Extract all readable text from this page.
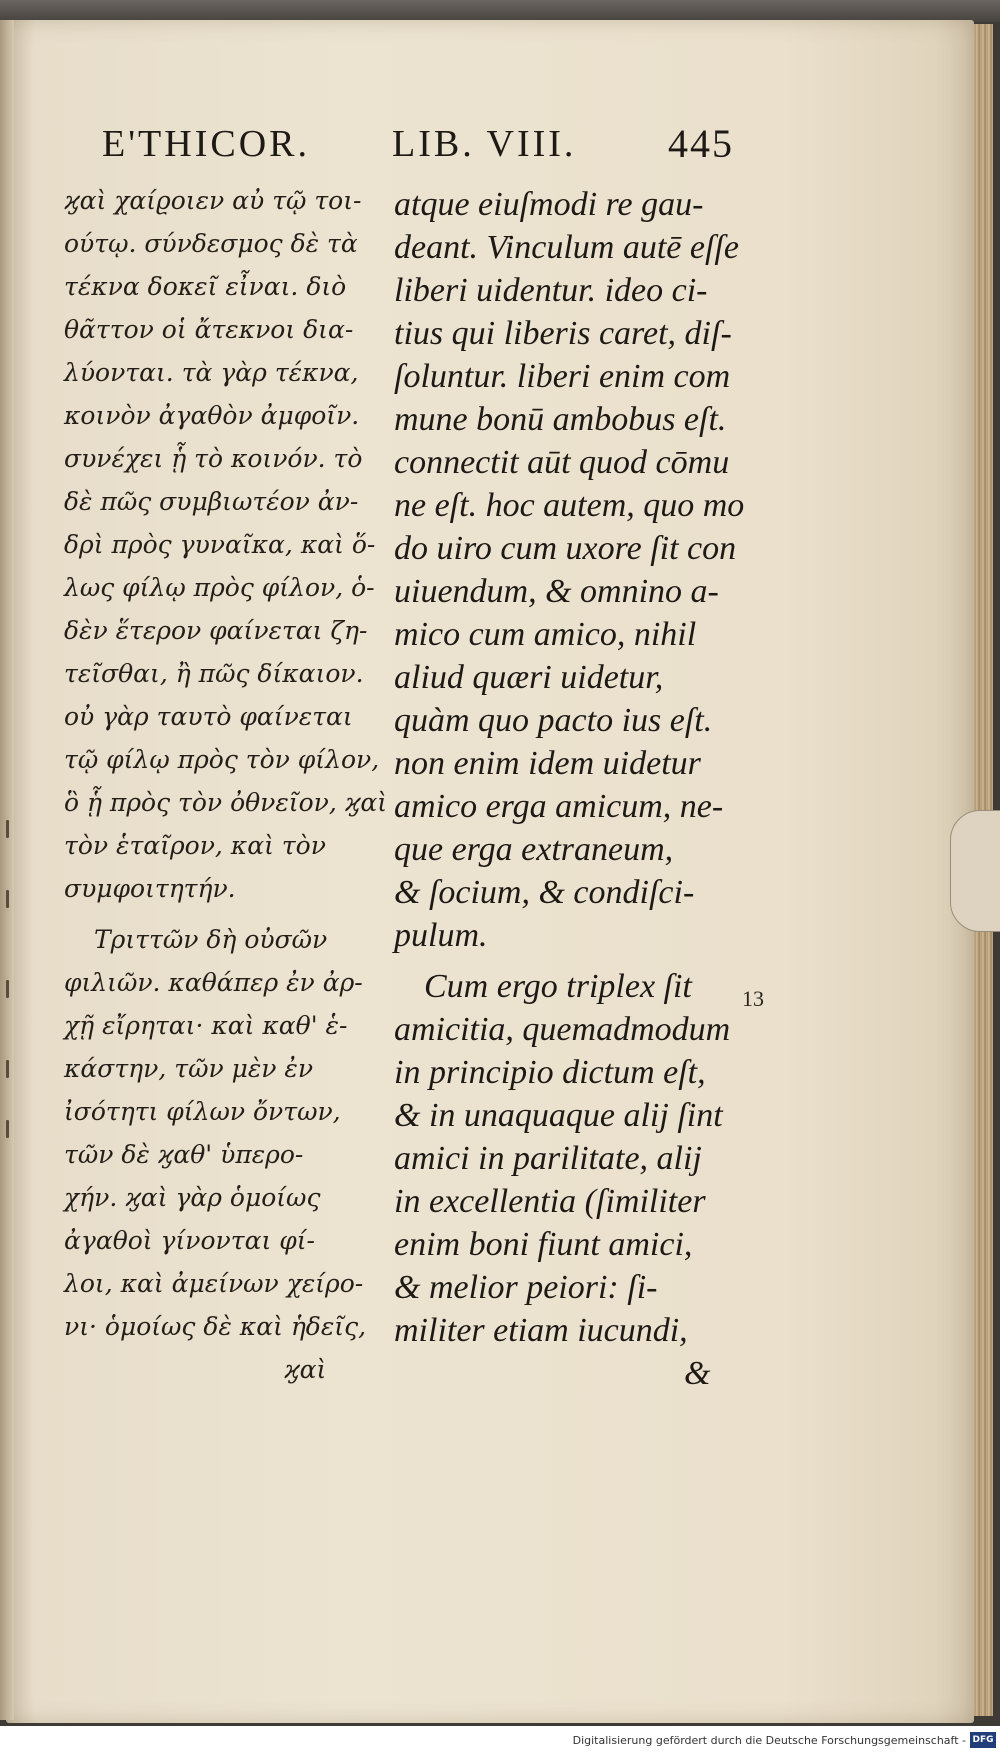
E'THICOR. LIB. VIII. 445
ϗαὶ χαίϱοιεν αὐ τῷ τοι-
ούτῳ. σύνδεσμος δὲ τὰ
τέκνα δοκεῖ εἶναι. διὸ
θᾶττον οἱ ἄτεκνοι δια-
λύονται. τὰ γὰρ τέκνα,
κοινὸν ἀγαθὸν ἀμφοῖν.
συνέχει ᾗ τὸ κοινόν. τὸ
δὲ πῶς συμβιωτέον ἀν-
δρὶ πρὸς γυναῖκα, καὶ ὅ-
λως φίλῳ πρὸς φίλον, ὁ-
δὲν ἕτερον φαίνεται ζη-
τεῖσθαι, ἢ πῶς δίκαιον.
οὐ γὰρ ταυτὸ φαίνεται
τῷ φίλῳ πρὸς τὸν φίλον,
ὃ ᾗ πρὸς τὸν ὀθνεῖον, ϗαὶ
τὸν ἑταῖρον, καὶ τὸν
συμφοιτητήν.
Τριττῶν δὴ οὐσῶν
φιλιῶν. καθάπερ ἐν ἀρ-
χῇ εἴρηται· καὶ καθ' ἑ-
κάστην, τῶν μὲν ἐν
ἰσότητι φίλων ὄντων,
τῶν δὲ ϗαθ' ὑπερο-
χήν. ϗαὶ γὰρ ὁμοίως
ἀγαθοὶ γίνονται φί-
λοι, καὶ ἀμείνων χείρο-
νι· ὁμοίως δὲ καὶ ἡδεῖς,
ϗαὶ
atque eiuſmodi re gau-
deant. Vinculum autē eſſe
liberi uidentur. ideo ci-
tius qui liberis caret, diſ-
ſoluntur. liberi enim com
mune bonū ambobus eſt.
connectit aūt quod cōmu
ne eſt. hoc autem, quo mo
do uiro cum uxore ſit con
uiuendum, & omnino a-
mico cum amico, nihil
aliud quæri uidetur,
quàm quo pacto ius eſt.
non enim idem uidetur
amico erga amicum, ne-
que erga extraneum,
& ſocium, & condiſci-
pulum.
Cum ergo triplex ſit
amicitia, quemadmodum
in principio dictum eſt,
& in unaquaque alij ſint
amici in parilitate, alij
in excellentia (ſimiliter
enim boni fiunt amici,
& melior peiori: ſi-
militer etiam iucundi,
&
13
Digitalisierung gefördert durch die Deutsche Forschungsgemeinschaft - DFG
